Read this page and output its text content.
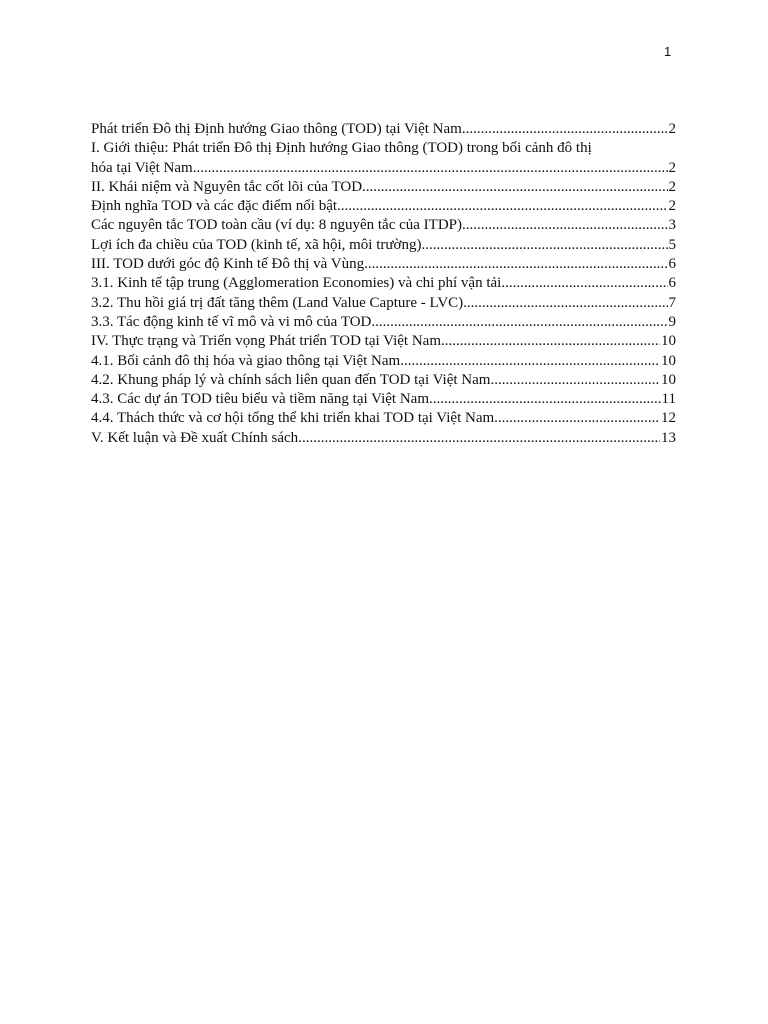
1
Phát triển Đô thị Định hướng Giao thông (TOD) tại Việt Nam .....	2
I. Giới thiệu: Phát triển Đô thị Định hướng Giao thông (TOD) trong bối cảnh đô thị
hóa tại Việt Nam .....	2
II. Khái niệm và Nguyên tắc cốt lõi của TOD .....	2
Định nghĩa TOD và các đặc điểm nổi bật .....	2
Các nguyên tắc TOD toàn cầu (ví dụ: 8 nguyên tắc của ITDP) .....	3
Lợi ích đa chiều của TOD (kinh tế, xã hội, môi trường) .....	5
III. TOD dưới góc độ Kinh tế Đô thị và Vùng .....	6
3.1. Kinh tế tập trung (Agglomeration Economies) và chi phí vận tải .....	6
3.2. Thu hồi giá trị đất tăng thêm (Land Value Capture - LVC) .....	7
3.3. Tác động kinh tế vĩ mô và vi mô của TOD .....	9
IV. Thực trạng và Triển vọng Phát triển TOD tại Việt Nam .....	10
4.1. Bối cảnh đô thị hóa và giao thông tại Việt Nam .....	10
4.2. Khung pháp lý và chính sách liên quan đến TOD tại Việt Nam .....	10
4.3. Các dự án TOD tiêu biểu và tiềm năng tại Việt Nam .....	11
4.4. Thách thức và cơ hội tổng thể khi triển khai TOD tại Việt Nam .....	12
V. Kết luận và Đề xuất Chính sách .....	13
